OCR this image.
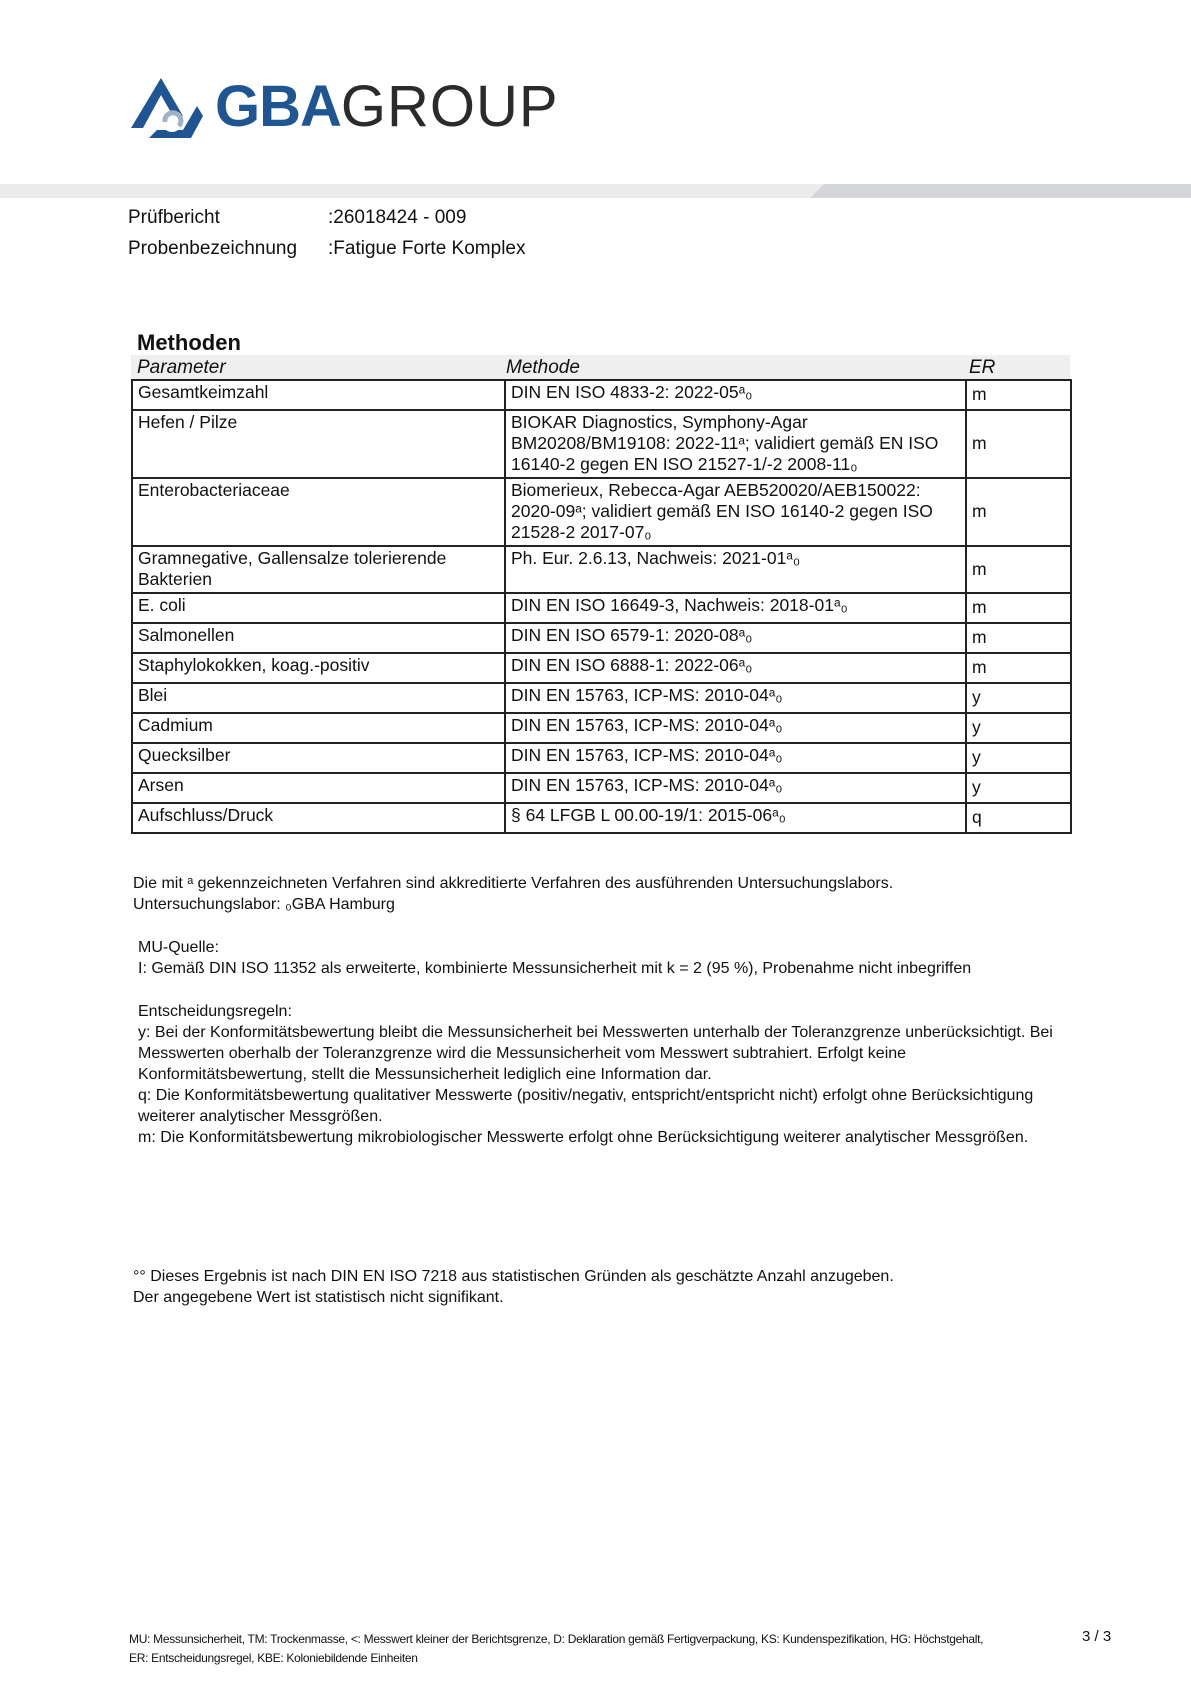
GBA GROUP
Prüfbericht	:26018424 - 009
Probenbezeichnung	:Fatigue Forte Komplex
Methoden
Parameter	Methode	ER
Gesamtkeimzahl	DIN EN ISO 4833-2: 2022-05ᵃ₀	m
Hefen / Pilze	BIOKAR Diagnostics, Symphony-Agar BM20208/BM19108: 2022-11ᵃ; validiert gemäß EN ISO 16140-2 gegen EN ISO 21527-1/-2 2008-11₀	m
Enterobacteriaceae	Biomerieux, Rebecca-Agar AEB520020/AEB150022: 2020-09ᵃ; validiert gemäß EN ISO 16140-2 gegen ISO 21528-2 2017-07₀	m
Gramnegative, Gallensalze tolerierende Bakterien	Ph. Eur. 2.6.13, Nachweis: 2021-01ᵃ₀	m
E. coli	DIN EN ISO 16649-3, Nachweis: 2018-01ᵃ₀	m
Salmonellen	DIN EN ISO 6579-1: 2020-08ᵃ₀	m
Staphylokokken, koag.-positiv	DIN EN ISO 6888-1: 2022-06ᵃ₀	m
Blei	DIN EN 15763, ICP-MS: 2010-04ᵃ₀	y
Cadmium	DIN EN 15763, ICP-MS: 2010-04ᵃ₀	y
Quecksilber	DIN EN 15763, ICP-MS: 2010-04ᵃ₀	y
Arsen	DIN EN 15763, ICP-MS: 2010-04ᵃ₀	y
Aufschluss/Druck	§ 64 LFGB L 00.00-19/1: 2015-06ᵃ₀	q
Die mit ᵃ gekennzeichneten Verfahren sind akkreditierte Verfahren des ausführenden Untersuchungslabors.
Untersuchungslabor: ₀GBA Hamburg
MU-Quelle:
I: Gemäß DIN ISO 11352 als erweiterte, kombinierte Messunsicherheit mit k = 2 (95 %), Probenahme nicht inbegriffen
Entscheidungsregeln:
y: Bei der Konformitätsbewertung bleibt die Messunsicherheit bei Messwerten unterhalb der Toleranzgrenze unberücksichtigt. Bei Messwerten oberhalb der Toleranzgrenze wird die Messunsicherheit vom Messwert subtrahiert. Erfolgt keine Konformitätsbewertung, stellt die Messunsicherheit lediglich eine Information dar.
q: Die Konformitätsbewertung qualitativer Messwerte (positiv/negativ, entspricht/entspricht nicht) erfolgt ohne Berücksichtigung weiterer analytischer Messgrößen.
m: Die Konformitätsbewertung mikrobiologischer Messwerte erfolgt ohne Berücksichtigung weiterer analytischer Messgrößen.
°° Dieses Ergebnis ist nach DIN EN ISO 7218 aus statistischen Gründen als geschätzte Anzahl anzugeben.
Der angegebene Wert ist statistisch nicht signifikant.
MU: Messunsicherheit, TM: Trockenmasse, <: Messwert kleiner der Berichtsgrenze, D: Deklaration gemäß Fertigverpackung, KS: Kundenspezifikation, HG: Höchstgehalt,
ER: Entscheidungsregel, KBE: Koloniebildende Einheiten
3 / 3
